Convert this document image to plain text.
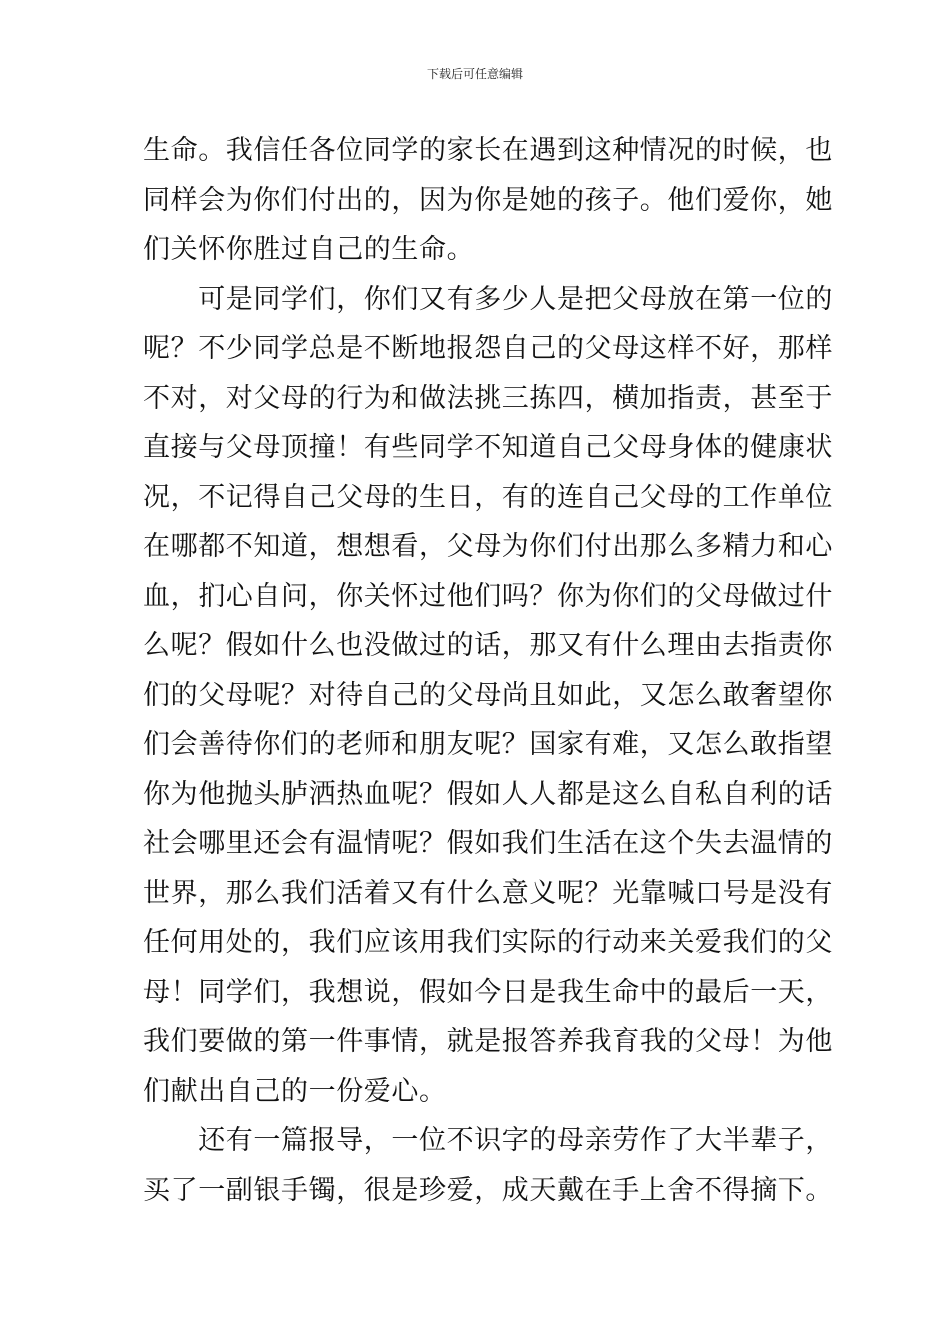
下载后可任意编辑
生命。我信任各位同学的家长在遇到这种情况的时候，也
同样会为你们付出的，因为你是她的孩子。他们爱你，她
们关怀你胜过自己的生命。
　　可是同学们，你们又有多少人是把父母放在第一位的
呢？不少同学总是不断地报怨自己的父母这样不好，那样
不对，对父母的行为和做法挑三拣四，横加指责，甚至于
直接与父母顶撞！有些同学不知道自己父母身体的健康状
况，不记得自己父母的生日，有的连自己父母的工作单位
在哪都不知道，想想看，父母为你们付出那么多精力和心
血，扪心自问，你关怀过他们吗？你为你们的父母做过什
么呢？假如什么也没做过的话，那又有什么理由去指责你
们的父母呢？对待自己的父母尚且如此，又怎么敢奢望你
们会善待你们的老师和朋友呢？国家有难，又怎么敢指望
你为他抛头胪洒热血呢？假如人人都是这么自私自利的话
社会哪里还会有温情呢？假如我们生活在这个失去温情的
世界，那么我们活着又有什么意义呢？光靠喊口号是没有
任何用处的，我们应该用我们实际的行动来关爱我们的父
母！同学们，我想说，假如今日是我生命中的最后一天，
我们要做的第一件事情，就是报答养我育我的父母！为他
们献出自己的一份爱心。
　　还有一篇报导，一位不识字的母亲劳作了大半辈子，
买了一副银手镯，很是珍爱，成天戴在手上舍不得摘下。
